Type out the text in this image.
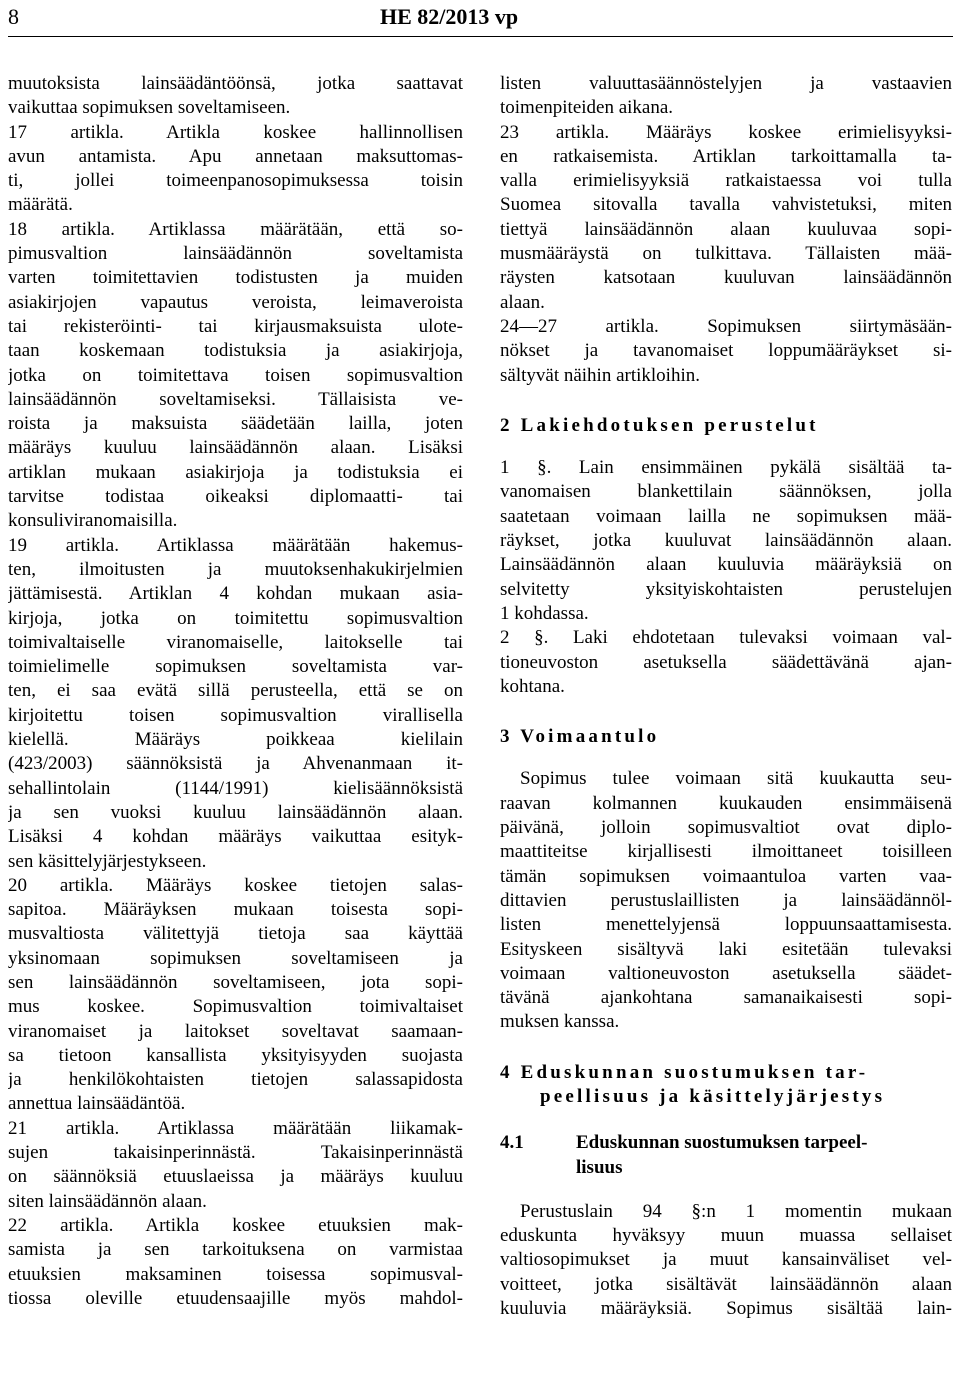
8	HE 82/2013 vp
muutoksista lainsäädäntöönsä, jotka saattavat
vaikuttaa sopimuksen soveltamiseen.
17 artikla. Artikla koskee hallinnollisen
avun antamista. Apu annetaan maksuttomas-
ti, jollei toimeenpanosopimuksessa toisin
määrätä.
18 artikla. Artiklassa määrätään, että so-
pimusvaltion lainsäädännön soveltamista
varten toimitettavien todistusten ja muiden
asiakirjojen vapautus veroista, leimaveroista
tai rekisteröinti- tai kirjausmaksuista ulote-
taan koskemaan todistuksia ja asiakirjoja,
jotka on toimitettava toisen sopimusvaltion
lainsäädännön soveltamiseksi. Tällaisista ve-
roista ja maksuista säädetään lailla, joten
määräys kuuluu lainsäädännön alaan. Lisäksi
artiklan mukaan asiakirjoja ja todistuksia ei
tarvitse todistaa oikeaksi diplomaatti- tai
konsuliviranomaisilla.
19 artikla. Artiklassa määrätään hakemus-
ten, ilmoitusten ja muutoksenhakukirjelmien
jättämisestä. Artiklan 4 kohdan mukaan asia-
kirjoja, jotka on toimitettu sopimusvaltion
toimivaltaiselle viranomaiselle, laitokselle tai
toimielimelle sopimuksen soveltamista var-
ten, ei saa evätä sillä perusteella, että se on
kirjoitettu toisen sopimusvaltion virallisella
kielellä. Määräys poikkeaa kielilain
(423/2003) säännöksistä ja Ahvenanmaan it-
sehallintolain (1144/1991) kielisäännöksistä
ja sen vuoksi kuuluu lainsäädännön alaan.
Lisäksi 4 kohdan määräys vaikuttaa esityk-
sen käsittelyjärjestykseen.
20 artikla. Määräys koskee tietojen salas-
sapitoa. Määräyksen mukaan toisesta sopi-
musvaltiosta välitettyjä tietoja saa käyttää
yksinomaan sopimuksen soveltamiseen ja
sen lainsäädännön soveltamiseen, jota sopi-
mus koskee. Sopimusvaltion toimivaltaiset
viranomaiset ja laitokset soveltavat saamaan-
sa tietoon kansallista yksityisyyden suojasta
ja henkilökohtaisten tietojen salassapidosta
annettua lainsäädäntöä.
21 artikla. Artiklassa määrätään liikamak-
sujen takaisinperinnästä. Takaisinperinnästä
on säännöksiä etuuslaeissa ja määräys kuuluu
siten lainsäädännön alaan.
22 artikla. Artikla koskee etuuksien mak-
samista ja sen tarkoituksena on varmistaa
etuuksien maksaminen toisessa sopimusval-
tiossa oleville etuudensaajille myös mahdol-
listen valuuttasäännöstelyjen ja vastaavien
toimenpiteiden aikana.
23 artikla. Määräys koskee erimielisyyksi-
en ratkaisemista. Artiklan tarkoittamalla ta-
valla erimielisyyksiä ratkaistaessa voi tulla
Suomea sitovalla tavalla vahvistetuksi, miten
tiettyä lainsäädännön alaan kuuluvaa sopi-
musmääräystä on tulkittava. Tällaisten mää-
räysten katsotaan kuuluvan lainsäädännön
alaan.
24—27 artikla. Sopimuksen siirtymäsään-
nökset ja tavanomaiset loppumääräykset si-
sältyvät näihin artikloihin.
2 Lakiehdotuksen perustelut
1 §. Lain ensimmäinen pykälä sisältää ta-
vanomaisen blankettilain säännöksen, jolla
saatetaan voimaan lailla ne sopimuksen mää-
räykset, jotka kuuluvat lainsäädännön alaan.
Lainsäädännön alaan kuuluvia määräyksiä on
selvitetty yksityiskohtaisten perustelujen
1 kohdassa.
2 §. Laki ehdotetaan tulevaksi voimaan val-
tioneuvoston asetuksella säädettävänä ajan-
kohtana.
3 Voimaantulo
Sopimus tulee voimaan sitä kuukautta seu-
raavan kolmannen kuukauden ensimmäisenä
päivänä, jolloin sopimusvaltiot ovat diplo-
maattiteitse kirjallisesti ilmoittaneet toisilleen
tämän sopimuksen voimaantuloa varten vaa-
dittavien perustuslaillisten ja lainsäädännöl-
listen menettelyjensä loppuunsaattamisesta.
Esityskeen sisältyvä laki esitetään tulevaksi
voimaan valtioneuvoston asetuksella säädet-
tävänä ajankohtana samanaikaisesti sopi-
muksen kanssa.
4 Eduskunnan suostumuksen tar-
peellisuus ja käsittelyjärjestys
4.1	Eduskunnan suostumuksen tarpeel-
lisuus
Perustuslain 94 §:n 1 momentin mukaan
eduskunta hyväksyy muun muassa sellaiset
valtiosopimukset ja muut kansainväliset vel-
voitteet, jotka sisältävät lainsäädännön alaan
kuuluvia määräyksiä. Sopimus sisältää lain-
